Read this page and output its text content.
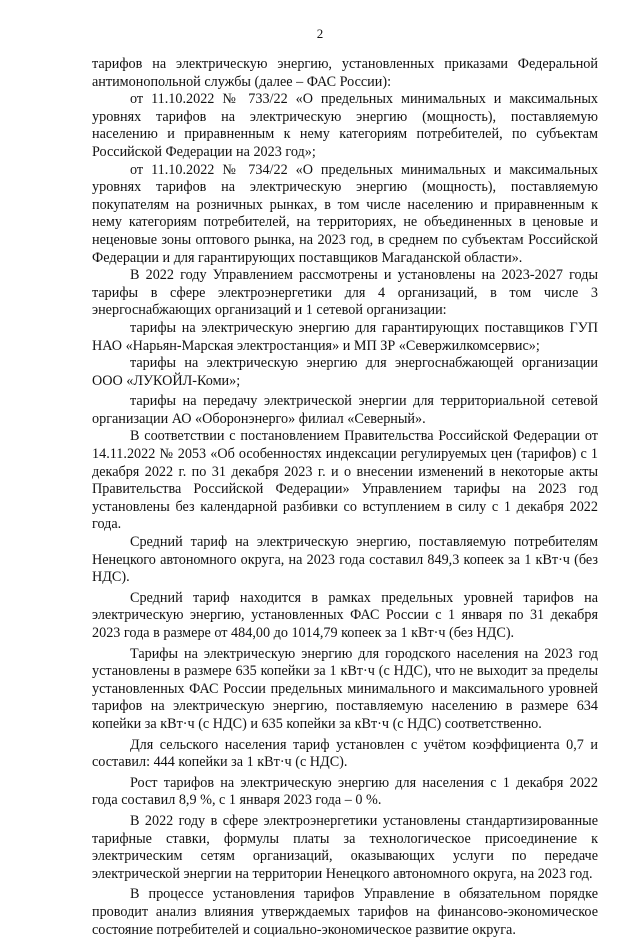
2

тарифов на электрическую энергию, установленных приказами Федеральной антимонопольной службы (далее – ФАС России):

от 11.10.2022 № 733/22 «О предельных минимальных и максимальных уровнях тарифов на электрическую энергию (мощность), поставляемую населению и приравненным к нему категориям потребителей, по субъектам Российской Федерации на 2023 год»;

от 11.10.2022 № 734/22 «О предельных минимальных и максимальных уровнях тарифов на электрическую энергию (мощность), поставляемую покупателям на розничных рынках, в том числе населению и приравненным к нему категориям потребителей, на территориях, не объединенных в ценовые и неценовые зоны оптового рынка, на 2023 год, в среднем по субъектам Российской Федерации и для гарантирующих поставщиков Магаданской области».

В 2022 году Управлением рассмотрены и установлены на 2023-2027 годы тарифы в сфере электроэнергетики для 4 организаций, в том числе 3 энергоснабжающих организаций и 1 сетевой организации:

тарифы на электрическую энергию для гарантирующих поставщиков ГУП НАО «Нарьян-Марская электростанция» и МП ЗР «Севержилкомсервис»;

тарифы на электрическую энергию для энергоснабжающей организации ООО «ЛУКОЙЛ-Коми»;

тарифы на передачу электрической энергии для территориальной сетевой организации АО «Оборонэнерго» филиал «Северный».

В соответствии с постановлением Правительства Российской Федерации от 14.11.2022 № 2053 «Об особенностях индексации регулируемых цен (тарифов) с 1 декабря 2022 г. по 31 декабря 2023 г. и о внесении изменений в некоторые акты Правительства Российской Федерации» Управлением тарифы на 2023 год установлены без календарной разбивки со вступлением в силу с 1 декабря 2022 года.

Средний тариф на электрическую энергию, поставляемую потребителям Ненецкого автономного округа, на 2023 года составил 849,3 копеек за 1 кВт·ч (без НДС).

Средний тариф находится в рамках предельных уровней тарифов на электрическую энергию, установленных ФАС России с 1 января по 31 декабря 2023 года в размере от 484,00 до 1014,79 копеек за 1 кВт·ч (без НДС).

Тарифы на электрическую энергию для городского населения на 2023 год установлены в размере 635 копейки за 1 кВт·ч (с НДС), что не выходит за пределы установленных ФАС России предельных минимального и максимального уровней тарифов на электрическую энергию, поставляемую населению в размере 634 копейки за кВт·ч (с НДС) и 635 копейки за кВт·ч (с НДС) соответственно.

Для сельского населения тариф установлен с учётом коэффициента 0,7 и составил: 444 копейки за 1 кВт·ч (с НДС).

Рост тарифов на электрическую энергию для населения с 1 декабря 2022 года составил 8,9 %, с 1 января 2023 года – 0 %.

В 2022 году в сфере электроэнергетики установлены стандартизированные тарифные ставки, формулы платы за технологическое присоединение к электрическим сетям организаций, оказывающих услуги по передаче электрической энергии на территории Ненецкого автономного округа, на 2023 год.

В процессе установления тарифов Управление в обязательном порядке проводит анализ влияния утверждаемых тарифов на финансово-экономическое состояние потребителей и социально-экономическое развитие округа.
